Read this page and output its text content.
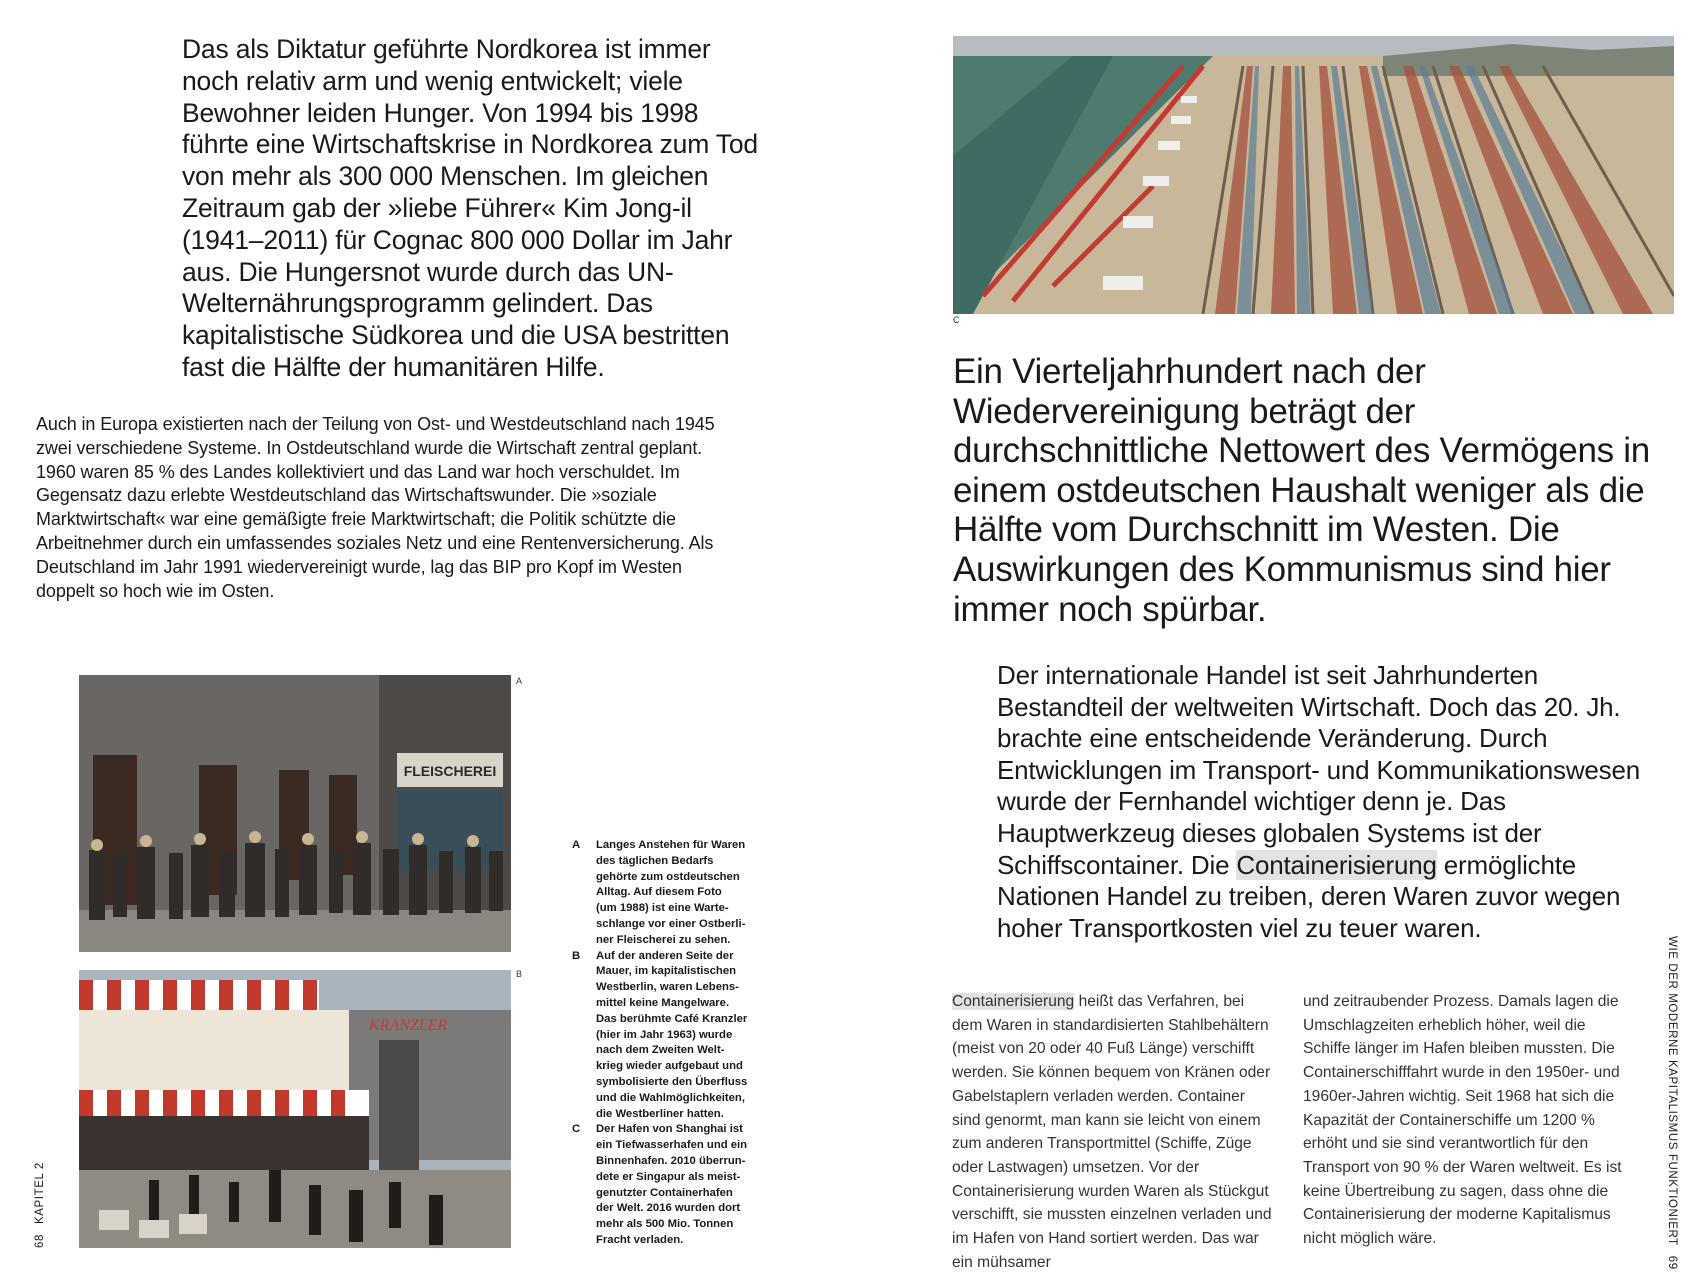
Das als Diktatur geführte Nordkorea ist immer noch relativ arm und wenig entwickelt; viele Bewohner leiden Hunger. Von 1994 bis 1998 führte eine Wirtschaftskrise in Nordkorea zum Tod von mehr als 300 000 Menschen. Im gleichen Zeitraum gab der »liebe Führer« Kim Jong-il (1941–2011) für Cognac 800 000 Dollar im Jahr aus. Die Hungersnot wurde durch das UN-Welternährungsprogramm gelindert. Das kapitalistische Südkorea und die USA bestritten fast die Hälfte der humanitären Hilfe.

Auch in Europa existierten nach der Teilung von Ost- und Westdeutschland nach 1945 zwei verschiedene Systeme. In Ostdeutschland wurde die Wirtschaft zentral geplant. 1960 waren 85 % des Landes kollektiviert und das Land war hoch verschuldet. Im Gegensatz dazu erlebte Westdeutschland das Wirtschaftswunder. Die »soziale Marktwirtschaft« war eine gemäßigte freie Marktwirtschaft; die Politik schützte die Arbeitnehmer durch ein umfassendes soziales Netz und eine Rentenversicherung. Als Deutschland im Jahr 1991 wiedervereinigt wurde, lag das BIP pro Kopf im Westen doppelt so hoch wie im Osten.

FLEISCHEREI
A
KRANZLER
B
A	Langes Anstehen für Waren
des täglichen Bedarfs
gehörte zum ostdeutschen
Alltag. Auf diesem Foto
(um 1988) ist eine Warte-
schlange vor einer Ostberli-
ner Fleischerei zu sehen.
B	Auf der anderen Seite der
Mauer, im kapitalistischen
Westberlin, waren Lebens-
mittel keine Mangelware.
Das berühmte Café Kranzler
(hier im Jahr 1963) wurde
nach dem Zweiten Welt-
krieg wieder aufgebaut und
symbolisierte den Überfluss
und die Wahlmöglichkeiten,
die Westberliner hatten.
C	Der Hafen von Shanghai ist
ein Tiefwasserhafen und ein
Binnenhafen. 2010 überrun-
dete er Singapur als meist-
genutzter Containerhafen
der Welt. 2016 wurden dort
mehr als 500 Mio. Tonnen
Fracht verladen.
68
KAPITEL 2
C
Ein Vierteljahrhundert nach der Wiedervereinigung beträgt der durchschnittliche Nettowert des Vermögens in einem ostdeutschen Haushalt weniger als die Hälfte vom Durchschnitt im Westen. Die Auswirkungen des Kommunismus sind hier immer noch spürbar.

Der internationale Handel ist seit Jahrhunderten Bestandteil der weltweiten Wirtschaft. Doch das 20. Jh. brachte eine entscheidende Veränderung. Durch Entwicklungen im Transport- und Kommunikationswesen wurde der Fernhandel wichtiger denn je. Das Hauptwerkzeug dieses globalen Systems ist der Schiffscontainer. Die Containerisierung ermöglichte Nationen Handel zu treiben, deren Waren zuvor wegen hoher Transportkosten viel zu teuer waren.

Containerisierung heißt das Verfahren, bei dem Waren in standardisierten Stahlbehältern (meist von 20 oder 40 Fuß Länge) verschifft werden. Sie können bequem von Kränen oder Gabelstaplern verladen werden. Container sind genormt, man kann sie leicht von einem zum anderen Transportmittel (Schiffe, Züge oder Lastwagen) umsetzen. Vor der Containerisierung wurden Waren als Stückgut verschifft, sie mussten einzelnen verladen und im Hafen von Hand sortiert werden. Das war ein mühsamer

und zeitraubender Prozess. Damals lagen die Umschlagzeiten erheblich höher, weil die Schiffe länger im Hafen bleiben mussten. Die Containerschifffahrt wurde in den 1950er- und 1960er-Jahren wichtig. Seit 1968 hat sich die Kapazität der Containerschiffe um 1200 % erhöht und sie sind verantwortlich für den Transport von 90 % der Waren weltweit. Es ist keine Übertreibung zu sagen, dass ohne die Containerisierung der moderne Kapitalismus nicht möglich wäre.	WIE DER MODERNE KAPITALISMUS FUNKTIONIERT
69
